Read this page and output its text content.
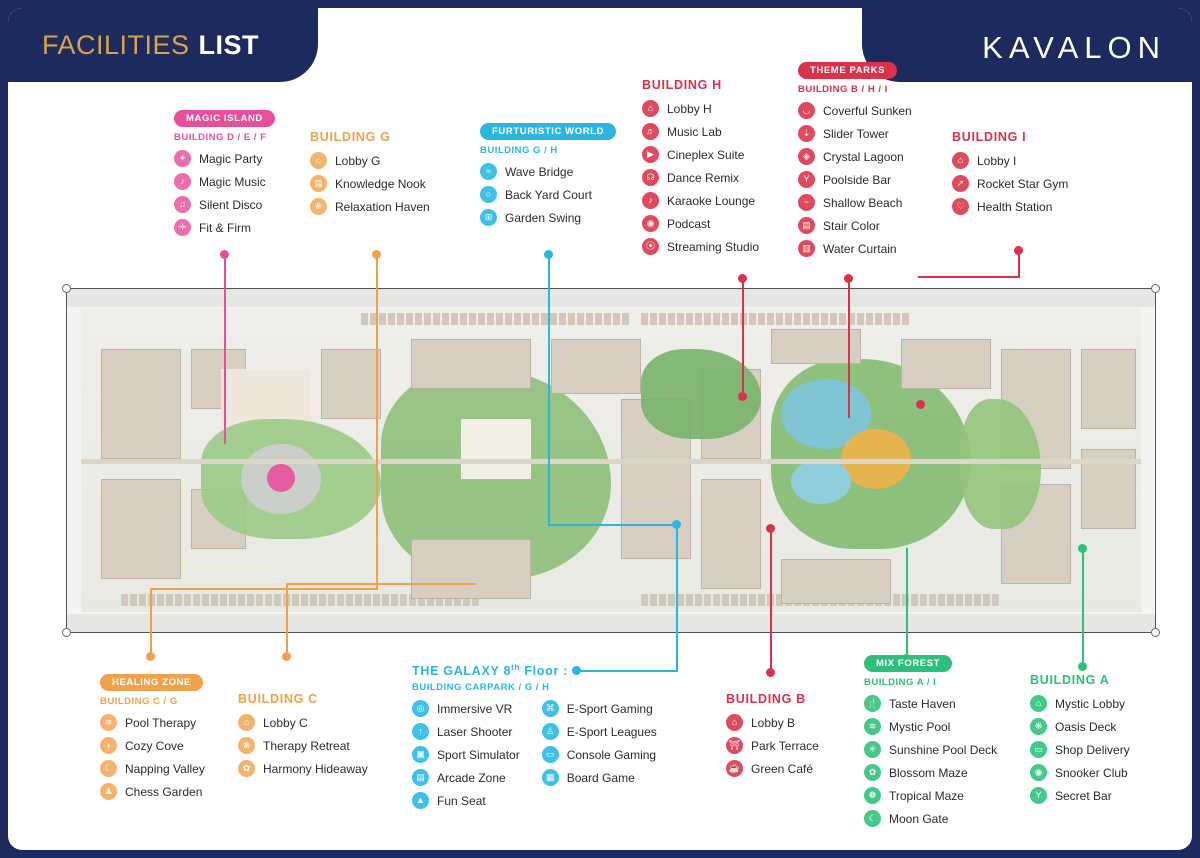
FACILITIES LIST	KAVALON
MAGIC ISLAND
BUILDING D / E / F
✦	Magic Party
♪	Magic Music
♫	Silent Disco
✛	Fit & Firm
BUILDING G
⌂	Lobby G
▤	Knowledge Nook
❀	Relaxation Haven
FURTURISTIC WORLD
BUILDING G / H
≈	Wave Bridge
○	Back Yard Court
⊞	Garden Swing
BUILDING H
⌂	Lobby H
♬	Music Lab
▶	Cineplex Suite
☊	Dance Remix
♪	Karaoke Lounge
◉	Podcast
⦿	Streaming Studio
THEME PARKS
BUILDING B / H / I
◡	Coverful Sunken
⇣	Slider Tower
◈	Crystal Lagoon
Y	Poolside Bar
~	Shallow Beach
▤	Stair Color
▥	Water Curtain
BUILDING I
⌂	Lobby I
➚	Rocket Star Gym
♡	Health Station
HEALING ZONE
BUILDING C / G
≋	Pool Therapy
◗	Cozy Cove
☾	Napping Valley
♟	Chess Garden
BUILDING C
⌂	Lobby C
❀	Therapy Retreat
✿	Harmony Hideaway
THE GALAXY 8th Floor :
BUILDING CARPARK / G / H
◎	Immersive VR
↑	Laser Shooter
▣	Sport Simulator
▤	Arcade Zone
▲	Fun Seat
⌘	E-Sport Gaming
♙	E-Sport Leagues
▭	Console Gaming
▦	Board Game
BUILDING B
⌂	Lobby B
⛩ Park Terrace
☕ Green Café
MIX FOREST
BUILDING A / I
🍴 Taste Haven
≋	Mystic Pool
☀	Sunshine Pool Deck
✿	Blossom Maze
❁	Tropical Maze
☾	Moon Gate
BUILDING A
⌂	Mystic Lobby
❋	Oasis Deck
▭	Shop Delivery
◉	Snooker Club
Y	Secret Bar
